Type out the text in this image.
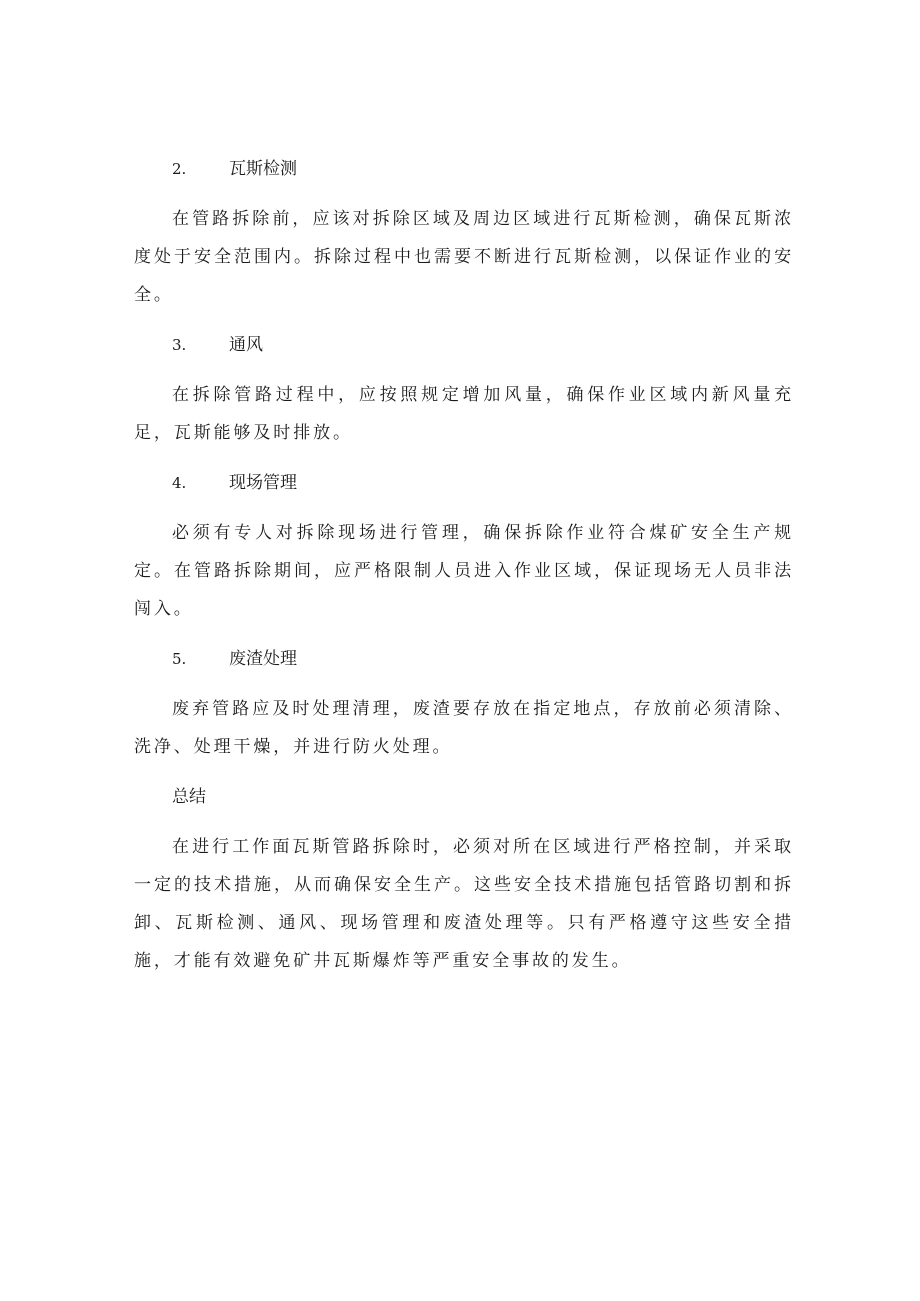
2.	瓦斯检测

在管路拆除前，应该对拆除区域及周边区域进行瓦斯检测，确保瓦斯浓度处于安全范围内。拆除过程中也需要不断进行瓦斯检测，以保证作业的安全。

3.	通风

在拆除管路过程中，应按照规定增加风量，确保作业区域内新风量充足，瓦斯能够及时排放。

4.	现场管理

必须有专人对拆除现场进行管理，确保拆除作业符合煤矿安全生产规定。在管路拆除期间，应严格限制人员进入作业区域，保证现场无人员非法闯入。

5.	废渣处理

废弃管路应及时处理清理，废渣要存放在指定地点，存放前必须清除、洗净、处理干燥，并进行防火处理。

总结

在进行工作面瓦斯管路拆除时，必须对所在区域进行严格控制，并采取一定的技术措施，从而确保安全生产。这些安全技术措施包括管路切割和拆卸、瓦斯检测、通风、现场管理和废渣处理等。只有严格遵守这些安全措施，才能有效避免矿井瓦斯爆炸等严重安全事故的发生。
